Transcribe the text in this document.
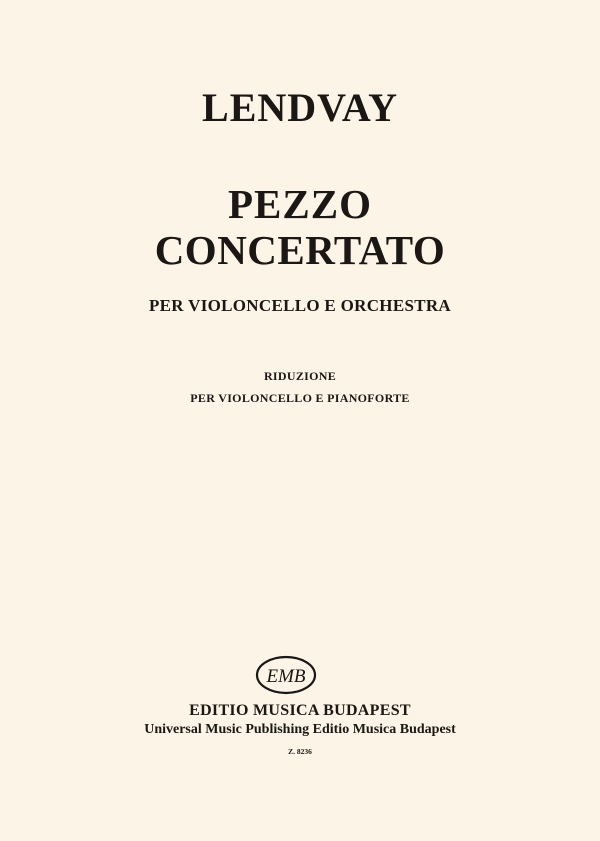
LENDVAY
PEZZO
CONCERTATO

PER VIOLONCELLO E ORCHESTRA

RIDUZIONE

PER VIOLONCELLO E PIANOFORTE

EMB

EDITIO MUSICA BUDAPEST

Universal Music Publishing Editio Musica Budapest

Z. 8236
